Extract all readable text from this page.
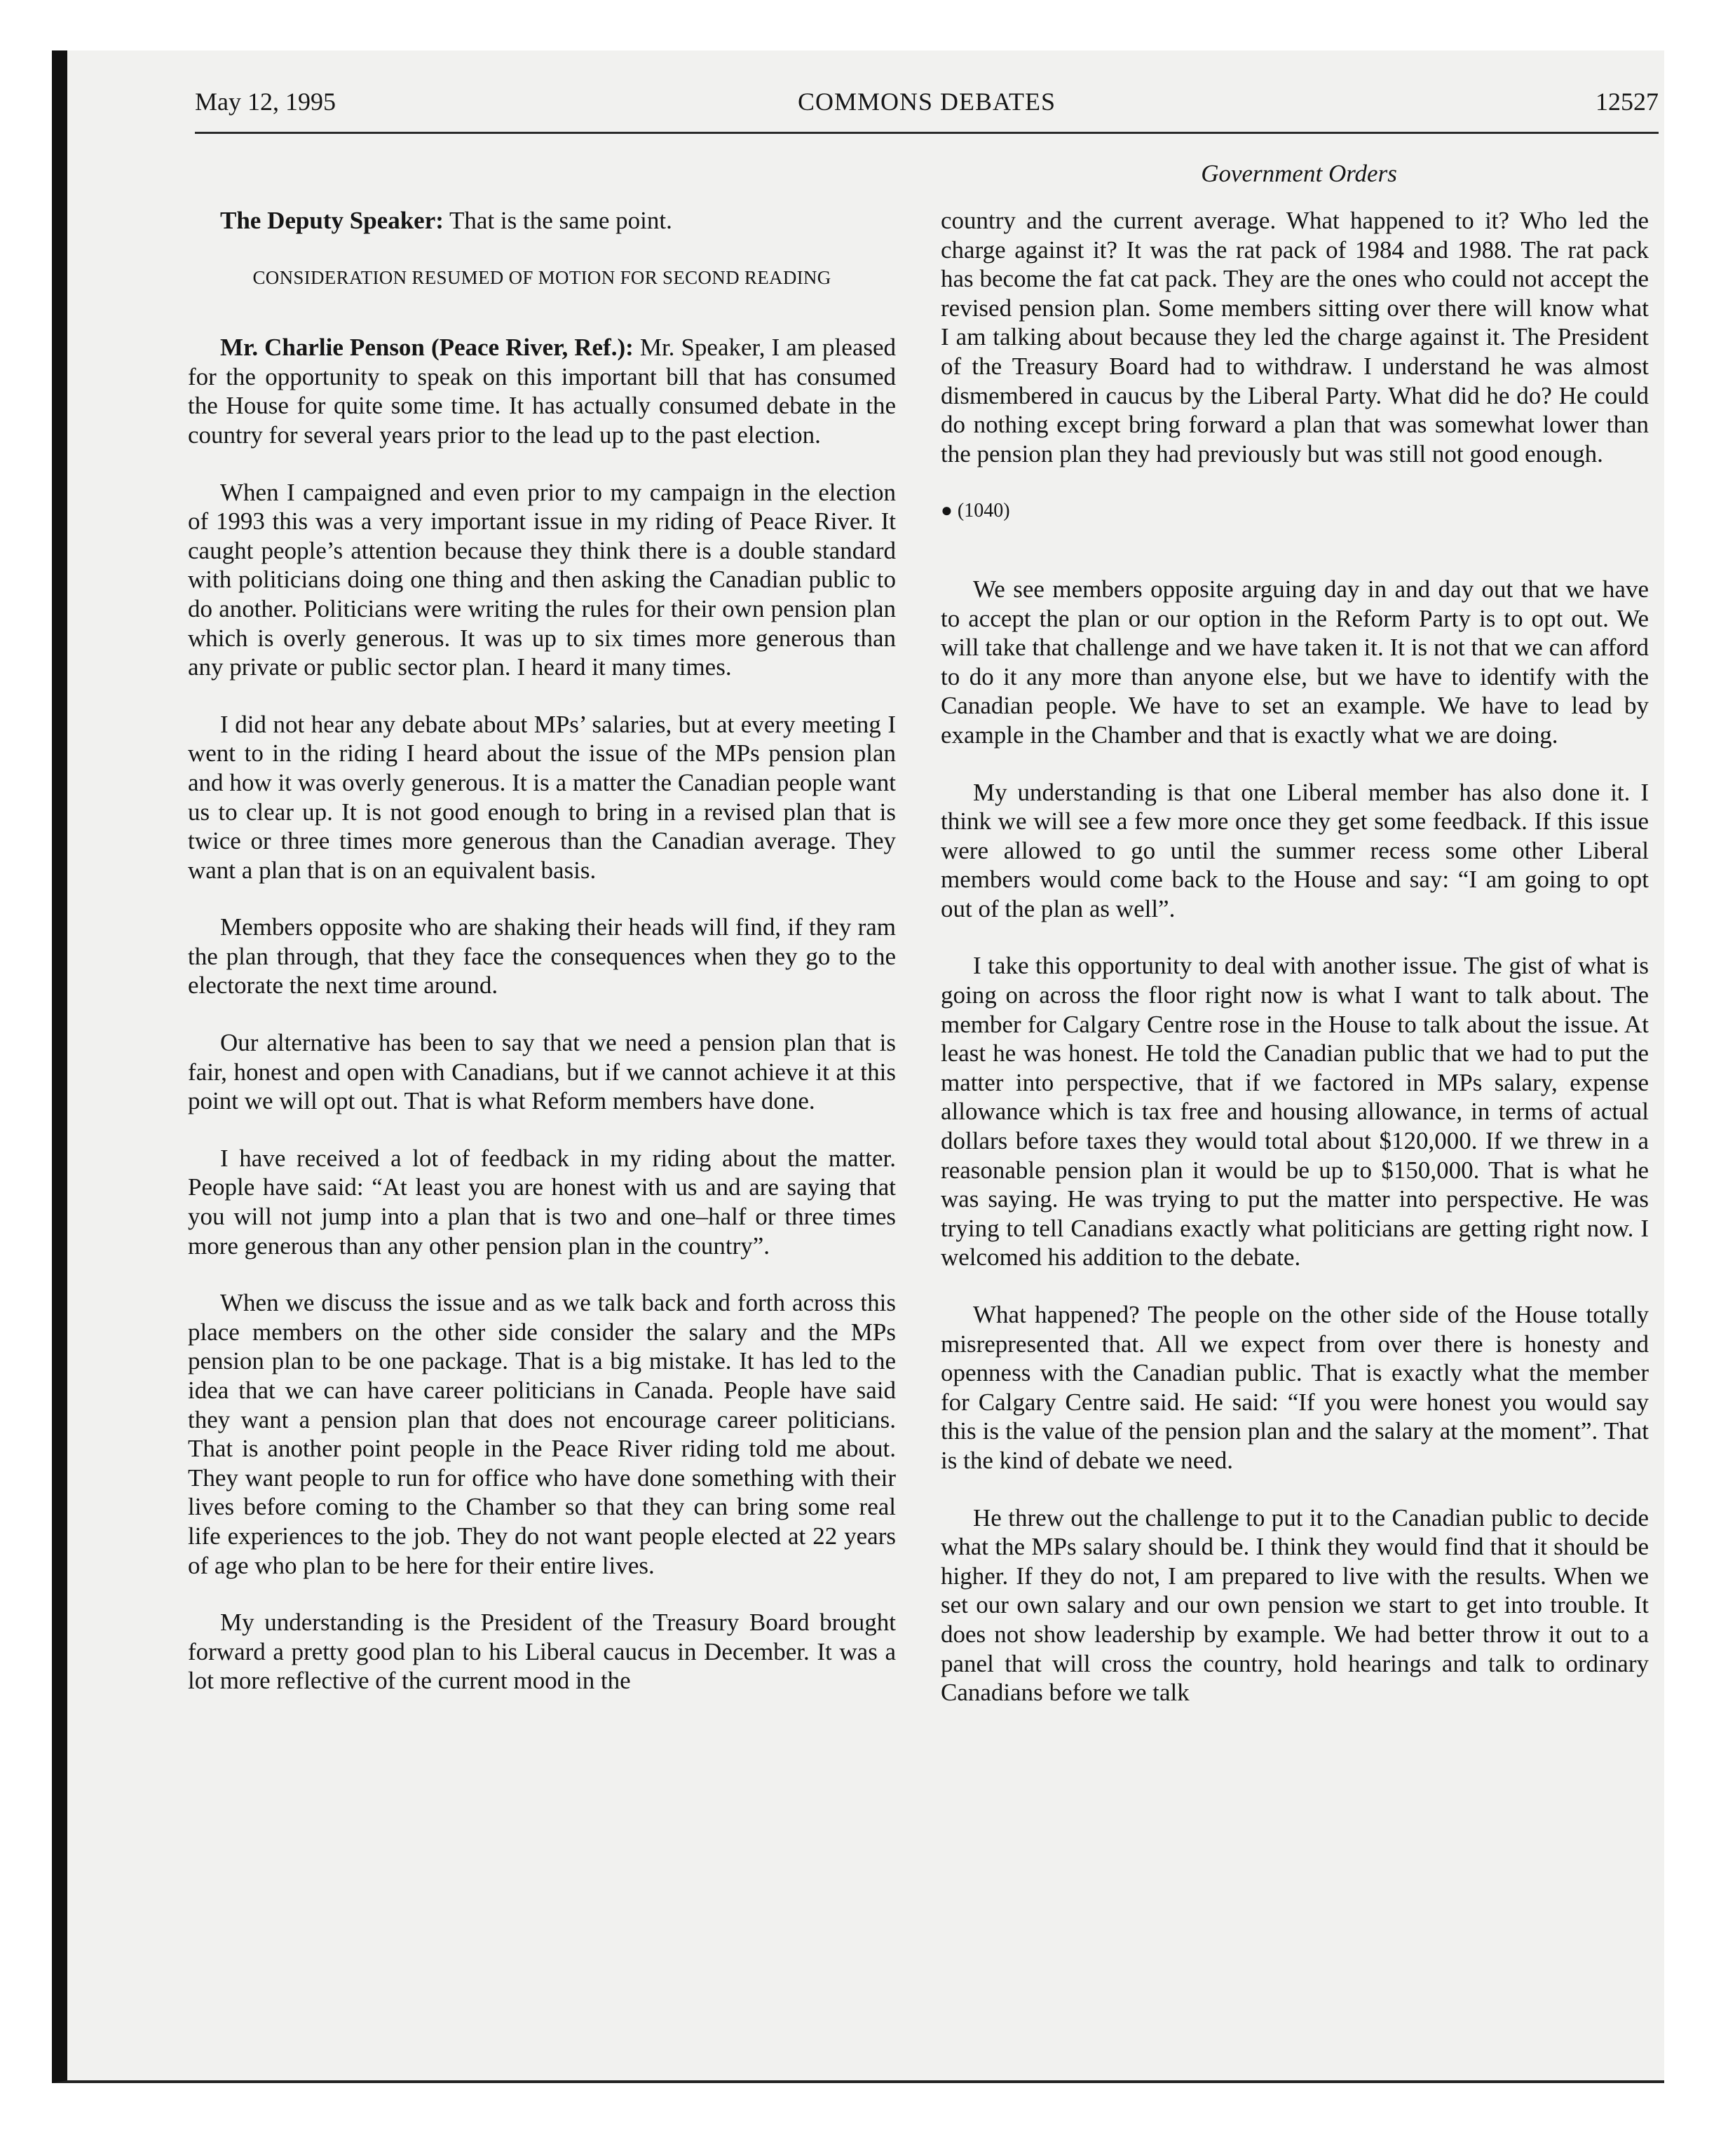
May 12, 1995	COMMONS DEBATES	12527
Government Orders

The Deputy Speaker: That is the same point.

CONSIDERATION RESUMED OF MOTION FOR SECOND READING

Mr. Charlie Penson (Peace River, Ref.): Mr. Speaker, I am pleased for the opportunity to speak on this important bill that has consumed the House for quite some time. It has actually consumed debate in the country for several years prior to the lead up to the past election.

When I campaigned and even prior to my campaign in the election of 1993 this was a very important issue in my riding of Peace River. It caught people’s attention because they think there is a double standard with politicians doing one thing and then asking the Canadian public to do another. Politicians were writing the rules for their own pension plan which is overly generous. It was up to six times more generous than any private or public sector plan. I heard it many times.

I did not hear any debate about MPs’ salaries, but at every meeting I went to in the riding I heard about the issue of the MPs pension plan and how it was overly generous. It is a matter the Canadian people want us to clear up. It is not good enough to bring in a revised plan that is twice or three times more generous than the Canadian average. They want a plan that is on an equivalent basis.

Members opposite who are shaking their heads will find, if they ram the plan through, that they face the consequences when they go to the electorate the next time around.

Our alternative has been to say that we need a pension plan that is fair, honest and open with Canadians, but if we cannot achieve it at this point we will opt out. That is what Reform members have done.

I have received a lot of feedback in my riding about the matter. People have said: “At least you are honest with us and are saying that you will not jump into a plan that is two and one–half or three times more generous than any other pension plan in the country”.

When we discuss the issue and as we talk back and forth across this place members on the other side consider the salary and the MPs pension plan to be one package. That is a big mistake. It has led to the idea that we can have career politicians in Canada. People have said they want a pension plan that does not encourage career politicians. That is another point people in the Peace River riding told me about. They want people to run for office who have done something with their lives before coming to the Chamber so that they can bring some real life experiences to the job. They do not want people elected at 22 years of age who plan to be here for their entire lives.

My understanding is the President of the Treasury Board brought forward a pretty good plan to his Liberal caucus in December. It was a lot more reflective of the current mood in the

country and the current average. What happened to it? Who led the charge against it? It was the rat pack of 1984 and 1988. The rat pack has become the fat cat pack. They are the ones who could not accept the revised pension plan. Some members sitting over there will know what I am talking about because they led the charge against it. The President of the Treasury Board had to withdraw. I understand he was almost dismembered in caucus by the Liberal Party. What did he do? He could do nothing except bring forward a plan that was somewhat lower than the pension plan they had previously but was still not good enough.

● (1040)

We see members opposite arguing day in and day out that we have to accept the plan or our option in the Reform Party is to opt out. We will take that challenge and we have taken it. It is not that we can afford to do it any more than anyone else, but we have to identify with the Canadian people. We have to set an example. We have to lead by example in the Chamber and that is exactly what we are doing.

My understanding is that one Liberal member has also done it. I think we will see a few more once they get some feedback. If this issue were allowed to go until the summer recess some other Liberal members would come back to the House and say: “I am going to opt out of the plan as well”.

I take this opportunity to deal with another issue. The gist of what is going on across the floor right now is what I want to talk about. The member for Calgary Centre rose in the House to talk about the issue. At least he was honest. He told the Canadian public that we had to put the matter into perspective, that if we factored in MPs salary, expense allowance which is tax free and housing allowance, in terms of actual dollars before taxes they would total about $120,000. If we threw in a reasonable pension plan it would be up to $150,000. That is what he was saying. He was trying to put the matter into perspective. He was trying to tell Canadians exactly what politicians are getting right now. I welcomed his addition to the debate.

What happened? The people on the other side of the House totally misrepresented that. All we expect from over there is honesty and openness with the Canadian public. That is exactly what the member for Calgary Centre said. He said: “If you were honest you would say this is the value of the pension plan and the salary at the moment”. That is the kind of debate we need.

He threw out the challenge to put it to the Canadian public to decide what the MPs salary should be. I think they would find that it should be higher. If they do not, I am prepared to live with the results. When we set our own salary and our own pension we start to get into trouble. It does not show leadership by example. We had better throw it out to a panel that will cross the country, hold hearings and talk to ordinary Canadians before we talk
